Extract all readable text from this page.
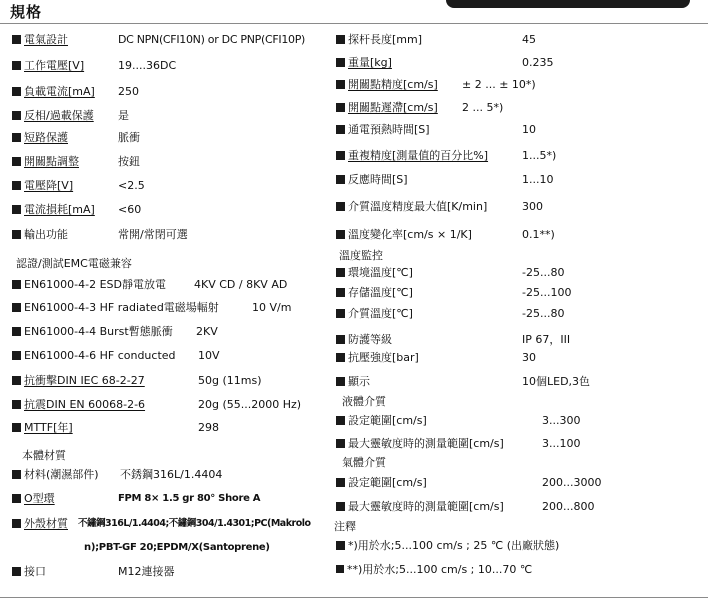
規格
電氣設計	DC NPN(CFI10N) or DC PNP(CFI10P)
工作電壓[V]	19....36DC
負載電流[mA] 250
反相/過載保護 是
短路保護	脈衝
開關點調整	按鈕
電壓降[V]	<2.5
電流損耗[mA] <60
輸出功能	常開/常閉可選
認證/測試EMC電磁兼容
EN61000-4-2 ESD靜電放電	4KV CD / 8KV AD
EN61000-4-3 HF radiated電磁場輻射	10 V/m
EN61000-4-4 Burst暫態脈衝 2KV
EN61000-4-6 HF conducted 10V
抗衝擊DIN IEC 68-2-27	50g (11ms)
抗震DIN EN 60068-2-6	20g (55...2000 Hz)
MTTF[年]	298
本體材質
材料(潮濕部件) 不銹鋼316L/1.4404
O型環	FPM 8× 1.5 gr 80° Shore A
外殼材質 不鏽鋼316L/1.4404;不鏽鋼304/1.4301;PC(Makrolo
n);PBT-GF 20;EPDM/X(Santoprene)
接口	M12連接器
探杆長度[mm]	45
重量[kg]	0.235
開關點精度[cm/s] ± 2 ... ± 10*)
開關點遲滯[cm/s] 2 ... 5*)
通電預熱時間[S]	10
重複精度[測量值的百分比%]	1...5*)
反應時間[S]	1...10
介質溫度精度最大值[K/min]	300
溫度變化率[cm/s × 1/K]	0.1**)
溫度監控
環境溫度[℃]	-25...80
存儲溫度[℃]	-25...100
介質溫度[℃]	-25...80
防護等級	IP 67，III
抗壓強度[bar]	30
顯示	10個LED,3色
液體介質
設定範圍[cm/s]	3...300
最大靈敏度時的測量範圍[cm/s]	3...100
氣體介質
設定範圍[cm/s]	200...3000
最大靈敏度時的測量範圍[cm/s]	200...800
注釋
*)用於水;5...100 cm/s ; 25 ℃ (出廠狀態)
**)用於水;5...100 cm/s ; 10...70 ℃
